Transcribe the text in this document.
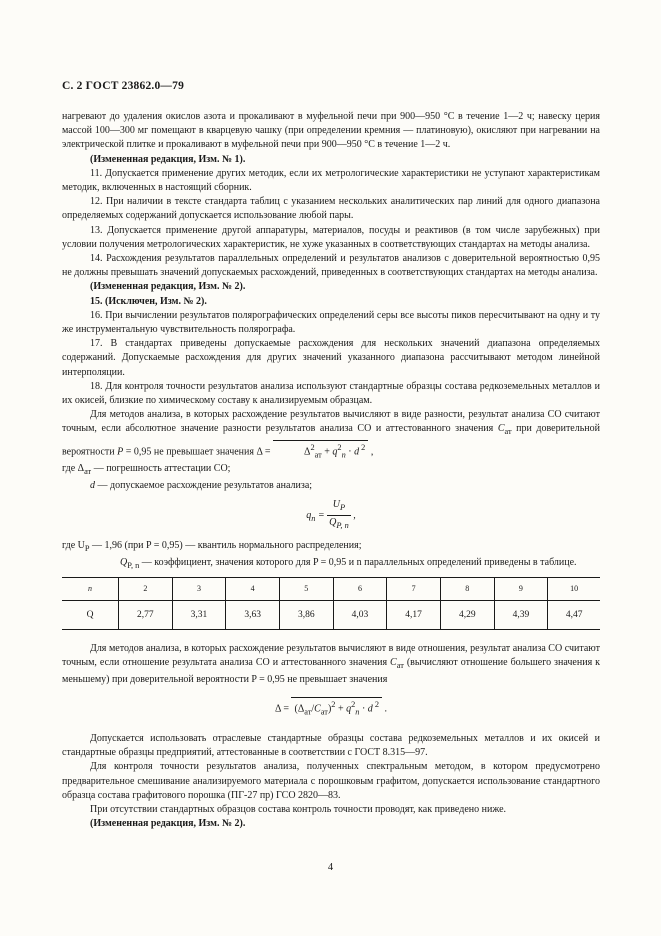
С. 2 ГОСТ 23862.0—79

нагревают до удаления окислов азота и прокаливают в муфельной печи при 900—950 °С в течение 1—2 ч; навеску церия массой 100—300 мг помещают в кварцевую чашку (при определении кремния — платиновую), окисляют при нагревании на электрической плитке и прокаливают в муфельной печи при 900—950 °С в течение 1—2 ч.

(Измененная редакция, Изм. № 1).

11. Допускается применение других методик, если их метрологические характеристики не уступают характеристикам методик, включенных в настоящий сборник.

12. При наличии в тексте стандарта таблиц с указанием нескольких аналитических пар линий для одного диапазона определяемых содержаний допускается использование любой пары.

13. Допускается применение другой аппаратуры, материалов, посуды и реактивов (в том числе зарубежных) при условии получения метрологических характеристик, не хуже указанных в соответствующих стандартах на методы анализа.

14. Расхождения результатов параллельных определений и результатов анализов с доверительной вероятностью 0,95 не должны превышать значений допускаемых расхождений, приведенных в соответствующих стандартах на методы анализа.

(Измененная редакция, Изм. № 2).

15. (Исключен, Изм. № 2).

16. При вычислении результатов полярографических определений серы все высоты пиков пересчитывают на одну и ту же инструментальную чувствительность полярографа.

17. В стандартах приведены допускаемые расхождения для нескольких значений диапазона определяемых содержаний. Допускаемые расхождения для других значений указанного диапазона рассчитывают методом линейной интерполяции.

18. Для контроля точности результатов анализа используют стандартные образцы состава редкоземельных металлов и их окисей, близкие по химическому составу к анализируемым образцам.

Для методов анализа, в которых расхождение результатов вычисляют в виде разности, результат анализа СО считают точным, если абсолютное значение разности результатов анализа СО и аттестованного значения $C_{ат}$ при доверительной вероятности P = 0,95 не превышает значения Δ =	$\Delta^2_{ат} + q^2_n \cdot d$ $^2$ ,

где $\Delta_{ат}$ — погрешность аттестации СО;

d — допускаемое расхождение результатов анализа;

$q_n = \frac{U_P}{Q_{P, n}}$ ,

где $U_P$ — 1,96 (при P = 0,95) — квантиль нормального распределения;

$Q_{P, n}$ — коэффициент, значения которого для P = 0,95 и n параллельных определений приведены в таблице.

n	2	3	4	5	6	7	8	9	10
Q	2,77	3,31	3,63	3,86	4,03	4,17	4,29	4,39	4,47

Для методов анализа, в которых расхождение результатов вычисляют в виде отношения, результат анализа СО считают точным, если отношение результата анализа СО и аттестованного значения $C_{ат}$ (вычисляют отношение большего значения к меньшему) при доверительной вероятности P = 0,95 не превышает значения

$\Delta = (\Delta_{ат}/C_{ат})^2 + q^2_n \cdot d$ $^2$ .

Допускается использовать отраслевые стандартные образцы состава редкоземельных металлов и их окисей и стандартные образцы предприятий, аттестованные в соответствии с ГОСТ 8.315—97.

Для контроля точности результатов анализа, полученных спектральным методом, в котором предусмотрено предварительное смешивание анализируемого материала с порошковым графитом, допускается использование стандартного образца состава графитового порошка (ПГ-27 пр) ГСО 2820—83.

При отсутствии стандартных образцов состава контроль точности проводят, как приведено ниже.

(Измененная редакция, Изм. № 2).

4
